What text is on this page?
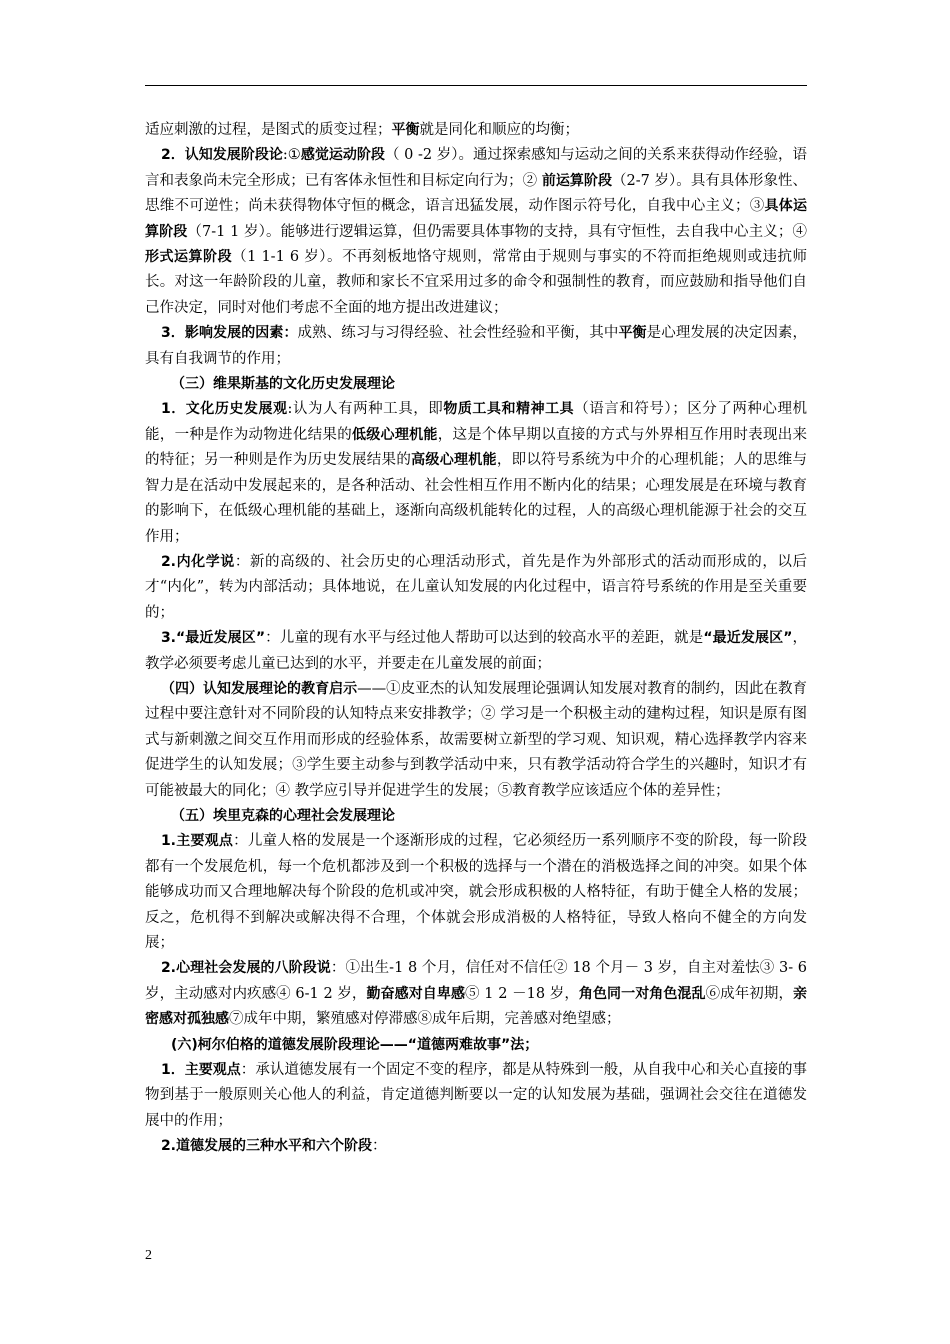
适应刺激的过程，是图式的质变过程；平衡就是同化和顺应的均衡；

2．认知发展阶段论:①感觉运动阶段（ 0 -2 岁）。通过探索感知与运动之间的关系来获得动作经验，语言和表象尚未完全形成；已有客体永恒性和目标定向行为；② 前运算阶段（2-7 岁）。具有具体形象性、思维不可逆性；尚未获得物体守恒的概念，语言迅猛发展，动作图示符号化，自我中心主义；③具体运算阶段（7-1 1 岁）。能够进行逻辑运算，但仍需要具体事物的支持，具有守恒性，去自我中心主义；④ 形式运算阶段（1 1-1 6 岁）。不再刻板地恪守规则，常常由于规则与事实的不符而拒绝规则或违抗师长。对这一年龄阶段的儿童，教师和家长不宜采用过多的命令和强制性的教育，而应鼓励和指导他们自己作决定，同时对他们考虑不全面的地方提出改进建议；

3．影响发展的因素：成熟、练习与习得经验、社会性经验和平衡，其中平衡是心理发展的决定因素，具有自我调节的作用；

（三）维果斯基的文化历史发展理论

1．文化历史发展观:认为人有两种工具，即物质工具和精神工具（语言和符号）；区分了两种心理机能，一种是作为动物进化结果的低级心理机能，这是个体早期以直接的方式与外界相互作用时表现出来的特征；另一种则是作为历史发展结果的高级心理机能，即以符号系统为中介的心理机能；人的思维与智力是在活动中发展起来的，是各种活动、社会性相互作用不断内化的结果；心理发展是在环境与教育的影响下，在低级心理机能的基础上，逐渐向高级机能转化的过程，人的高级心理机能源于社会的交互作用；

2.内化学说：新的高级的、社会历史的心理活动形式，首先是作为外部形式的活动而形成的，以后才“内化”，转为内部活动；具体地说，在儿童认知发展的内化过程中，语言符号系统的作用是至关重要的；

3.“最近发展区”：儿童的现有水平与经过他人帮助可以达到的较高水平的差距，就是“最近发展区”，教学必须要考虑儿童已达到的水平，并要走在儿童发展的前面；

（四）认知发展理论的教育启示——①皮亚杰的认知发展理论强调认知发展对教育的制约，因此在教育过程中要注意针对不同阶段的认知特点来安排教学；② 学习是一个积极主动的建构过程，知识是原有图式与新刺激之间交互作用而形成的经验体系，故需要树立新型的学习观、知识观，精心选择教学内容来促进学生的认知发展；③学生要主动参与到教学活动中来，只有教学活动符合学生的兴趣时，知识才有可能被最大的同化；④ 教学应引导并促进学生的发展；⑤教育教学应该适应个体的差异性；

（五）埃里克森的心理社会发展理论

1.主要观点：儿童人格的发展是一个逐渐形成的过程，它必须经历一系列顺序不变的阶段，每一阶段都有一个发展危机，每一个危机都涉及到一个积极的选择与一个潜在的消极选择之间的冲突。如果个体能够成功而又合理地解决每个阶段的危机或冲突，就会形成积极的人格特征，有助于健全人格的发展；反之，危机得不到解决或解决得不合理，个体就会形成消极的人格特征，导致人格向不健全的方向发展；

2.心理社会发展的八阶段说：①出生-1 8 个月，信任对不信任② 18 个月－ 3 岁，自主对羞怯③ 3- 6 岁，主动感对内疚感④ 6-1 2 岁，勤奋感对自卑感⑤ 1 2 －18 岁，角色同一对角色混乱⑥成年初期，亲密感对孤独感⑦成年中期，繁殖感对停滞感⑧成年后期，完善感对绝望感；

(六)柯尔伯格的道德发展阶段理论——“道德两难故事”法；

1．主要观点：承认道德发展有一个固定不变的程序，都是从特殊到一般，从自我中心和关心直接的事物到基于一般原则关心他人的利益，肯定道德判断要以一定的认知发展为基础，强调社会交往在道德发展中的作用；

2.道德发展的三种水平和六个阶段：

2
